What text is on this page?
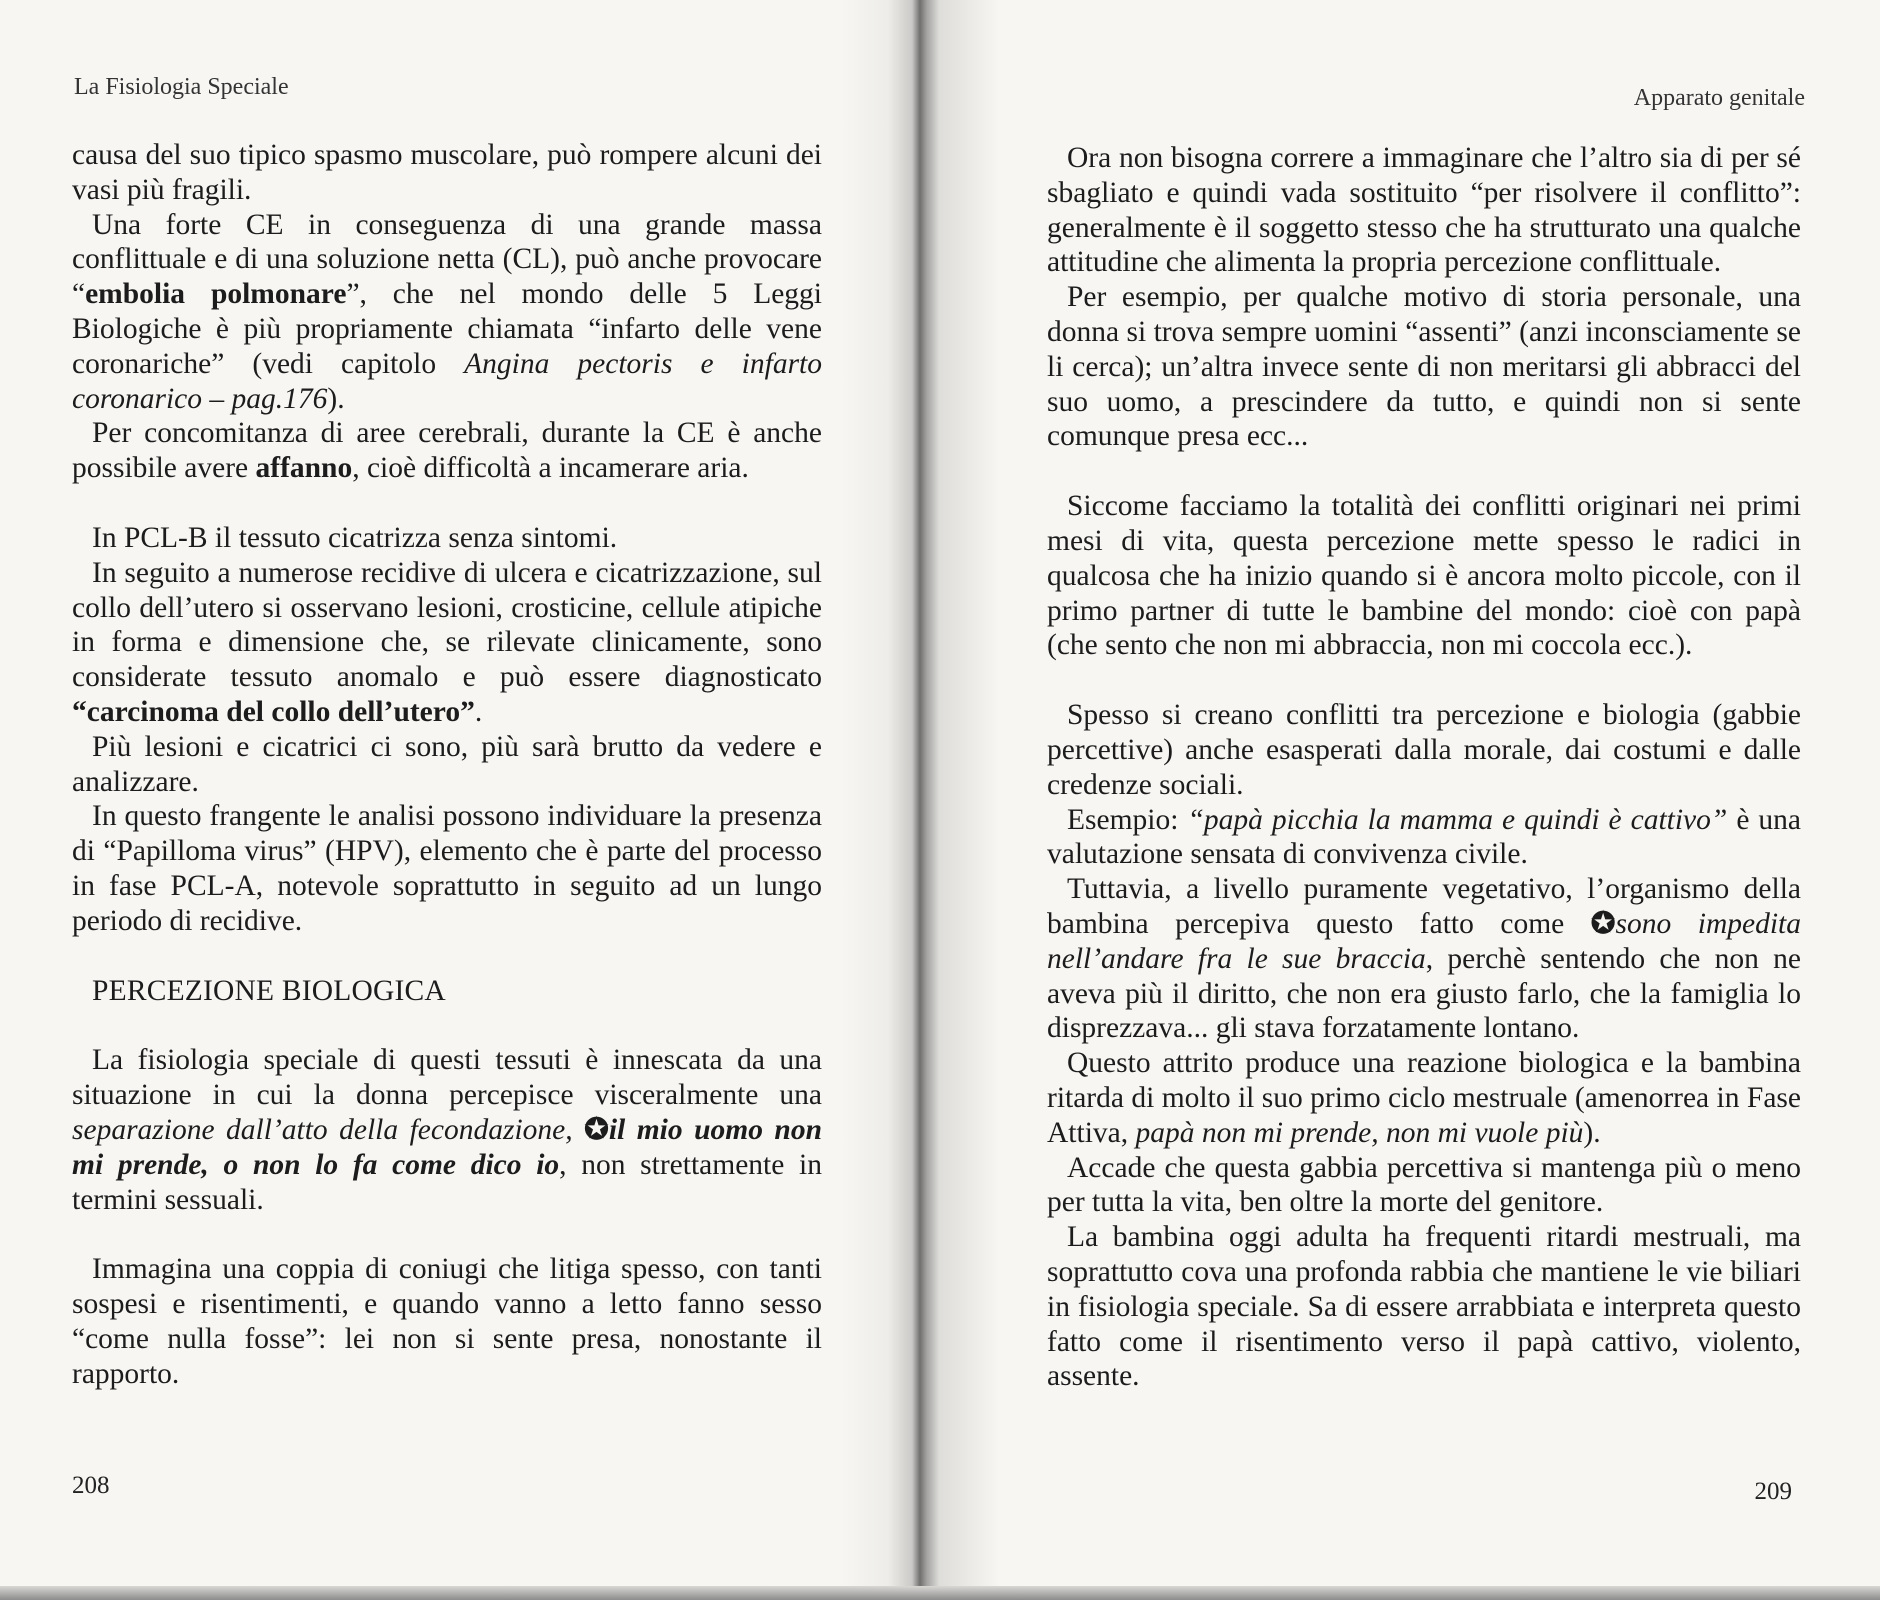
La Fisiologia Speciale

causa del suo tipico spasmo muscolare, può rompere alcuni dei vasi più fragili.

Una forte CE in conseguenza di una grande massa conflittuale e di una soluzione netta (CL), può anche provocare “embolia polmonare”, che nel mondo delle 5 Leggi Biologiche è più propriamente chiamata “infarto delle vene coronariche” (vedi capitolo Angina pectoris e infarto coronarico – pag.176).

Per concomitanza di aree cerebrali, durante la CE è anche possibile avere affanno, cioè difficoltà a incamerare aria.

In PCL-B il tessuto cicatrizza senza sintomi.

In seguito a numerose recidive di ulcera e cicatrizzazione, sul collo dell’utero si osservano lesioni, crosticine, cellule atipiche in forma e dimensione che, se rilevate clinicamente, sono considerate tessuto anomalo e può essere diagnosticato “carcinoma del collo dell’utero”.

Più lesioni e cicatrici ci sono, più sarà brutto da vedere e analizzare.

In questo frangente le analisi possono individuare la presenza di “Papilloma virus” (HPV), elemento che è parte del processo in fase PCL-A, notevole soprattutto in seguito ad un lungo periodo di recidive.

PERCEZIONE BIOLOGICA

La fisiologia speciale di questi tessuti è innescata da una situazione in cui la donna percepisce visceralmente una separazione dall’atto della fecondazione, ✪il mio uomo non mi prende, o non lo fa come dico io, non strettamente in termini sessuali.

Immagina una coppia di coniugi che litiga spesso, con tanti sospesi e risentimenti, e quando vanno a letto fanno sesso “come nulla fosse”: lei non si sente presa, nonostante il rapporto.

208
Apparato genitale
209

Ora non bisogna correre a immaginare che l’altro sia di per sé sbagliato e quindi vada sostituito “per risolvere il conflitto”: generalmente è il soggetto stesso che ha strutturato una qualche attitudine che alimenta la propria percezione conflittuale.

Per esempio, per qualche motivo di storia personale, una donna si trova sempre uomini “assenti” (anzi inconsciamente se li cerca); un’altra invece sente di non meritarsi gli abbracci del suo uomo, a prescindere da tutto, e quindi non si sente comunque presa ecc...

Siccome facciamo la totalità dei conflitti originari nei primi mesi di vita, questa percezione mette spesso le radici in qualcosa che ha inizio quando si è ancora molto piccole, con il primo partner di tutte le bambine del mondo: cioè con papà (che sento che non mi abbraccia, non mi coccola ecc.).

Spesso si creano conflitti tra percezione e biologia (gabbie percettive) anche esasperati dalla morale, dai costumi e dalle credenze sociali.

Esempio: “papà picchia la mamma e quindi è cattivo” è una valutazione sensata di convivenza civile.

Tuttavia, a livello puramente vegetativo, l’organismo della bambina percepiva questo fatto come ✪sono impedita nell’andare fra le sue braccia, perchè sentendo che non ne aveva più il diritto, che non era giusto farlo, che la famiglia lo disprezzava... gli stava forzatamente lontano.

Questo attrito produce una reazione biologica e la bambina ritarda di molto il suo primo ciclo mestruale (amenorrea in Fase Attiva, papà non mi prende, non mi vuole più).

Accade che questa gabbia percettiva si mantenga più o meno per tutta la vita, ben oltre la morte del genitore.

La bambina oggi adulta ha frequenti ritardi mestruali, ma soprattutto cova una profonda rabbia che mantiene le vie biliari in fisiologia speciale. Sa di essere arrabbiata e interpreta questo fatto come il risentimento verso il papà cattivo, violento, assente.
